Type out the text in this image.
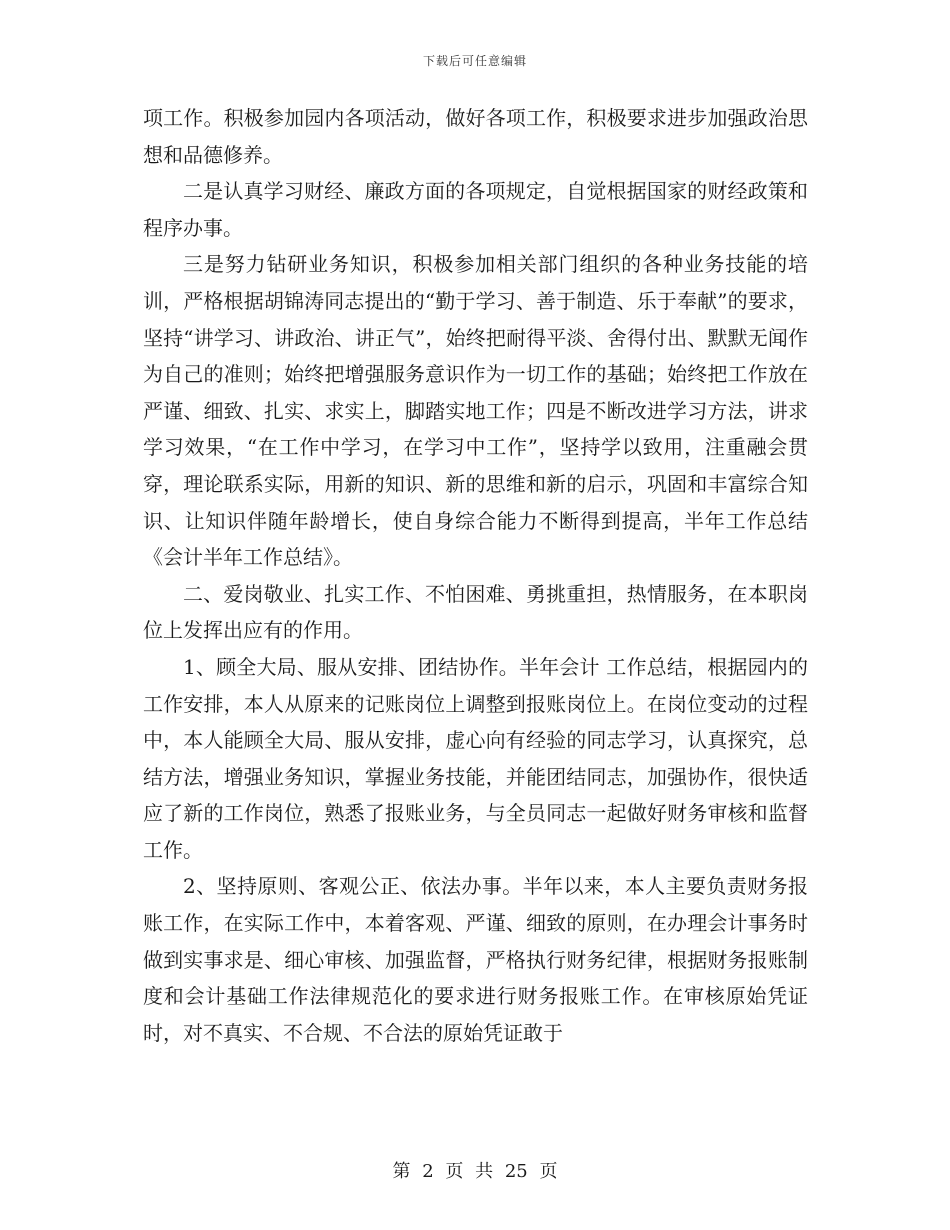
下载后可任意编辑

项工作。积极参加园内各项活动，做好各项工作，积极要求进步加强政治思想和品德修养。

二是认真学习财经、廉政方面的各项规定，自觉根据国家的财经政策和程序办事。

三是努力钻研业务知识，积极参加相关部门组织的各种业务技能的培训，严格根据胡锦涛同志提出的“勤于学习、善于制造、乐于奉献”的要求，坚持“讲学习、讲政治、讲正气”，始终把耐得平淡、舍得付出、默默无闻作为自己的准则；始终把增强服务意识作为一切工作的基础；始终把工作放在严谨、细致、扎实、求实上，脚踏实地工作；四是不断改进学习方法，讲求学习效果，“在工作中学习，在学习中工作”，坚持学以致用，注重融会贯穿，理论联系实际，用新的知识、新的思维和新的启示，巩固和丰富综合知识、让知识伴随年龄增长，使自身综合能力不断得到提高，半年工作总结《会计半年工作总结》。

二、爱岗敬业、扎实工作、不怕困难、勇挑重担，热情服务，在本职岗位上发挥出应有的作用。

1、顾全大局、服从安排、团结协作。半年会计 工作总结，根据园内的工作安排，本人从原来的记账岗位上调整到报账岗位上。在岗位变动的过程中，本人能顾全大局、服从安排，虚心向有经验的同志学习，认真探究，总结方法，增强业务知识，掌握业务技能，并能团结同志，加强协作，很快适应了新的工作岗位，熟悉了报账业务，与全员同志一起做好财务审核和监督工作。

2、坚持原则、客观公正、依法办事。半年以来，本人主要负责财务报账工作，在实际工作中，本着客观、严谨、细致的原则，在办理会计事务时做到实事求是、细心审核、加强监督，严格执行财务纪律，根据财务报账制度和会计基础工作法律规范化的要求进行财务报账工作。在审核原始凭证时，对不真实、不合规、不合法的原始凭证敢于

第 2 页 共 25 页
